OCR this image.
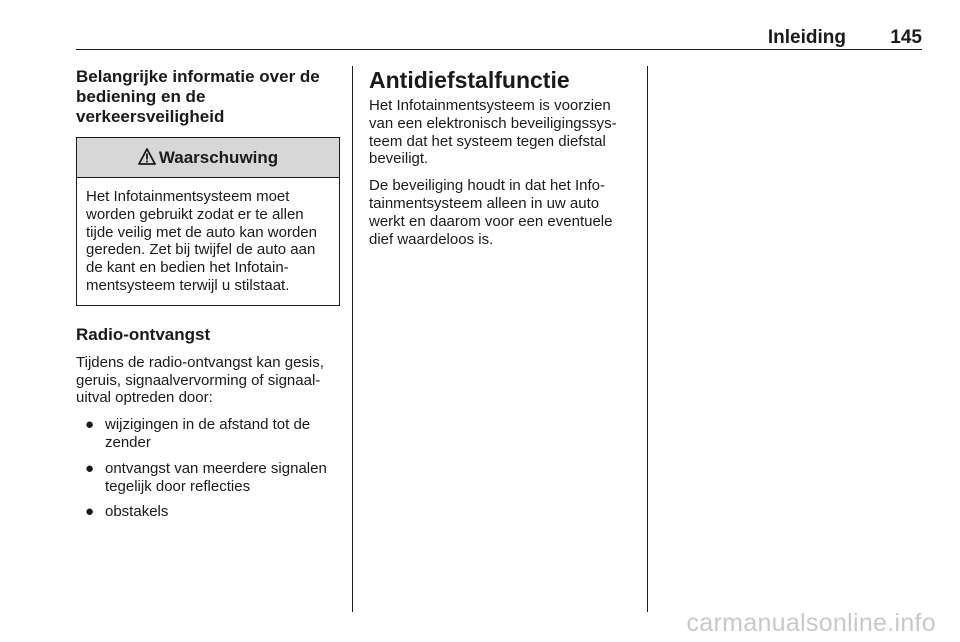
Inleiding 145
Belangrijke informatie over de bediening en de verkeersveiligheid
Waarschuwing
Het Infotainmentsysteem moet worden gebruikt zodat er te allen tijde veilig met de auto kan worden gereden. Zet bij twijfel de auto aan de kant en bedien het Infotainmentsysteem terwijl u stilstaat.
Radio-ontvangst
Tijdens de radio-ontvangst kan gesis, geruis, signaalvervorming of signaaluitval optreden door:
● wijzigingen in de afstand tot de zender
● ontvangst van meerdere signalen tegelijk door reflecties
● obstakels
Antidiefstalfunctie
Het Infotainmentsysteem is voorzien van een elektronisch beveiligingssysteem dat het systeem tegen diefstal beveiligt.
De beveiliging houdt in dat het Infotainmentsysteem alleen in uw auto werkt en daarom voor een eventuele dief waardeloos is.
carmanualsonline.info
